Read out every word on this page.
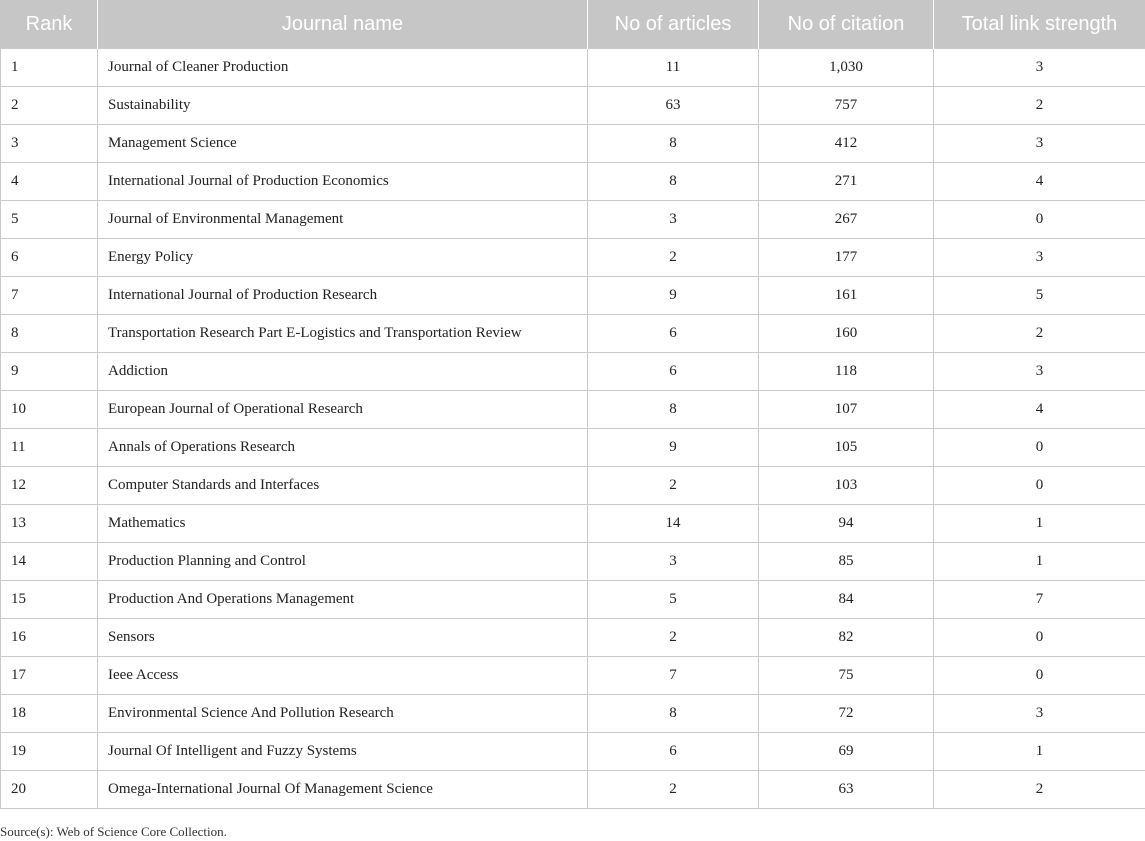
Rank	Journal name	No of articles	No of citation	Total link strength
1	Journal of Cleaner Production	11	1,030	3
2	Sustainability	63	757	2
3	Management Science	8	412	3
4	International Journal of Production Economics	8	271	4
5	Journal of Environmental Management	3	267	0
6	Energy Policy	2	177	3
7	International Journal of Production Research	9	161	5
8	Transportation Research Part E-Logistics and Transportation Review	6	160	2
9	Addiction	6	118	3
10	European Journal of Operational Research	8	107	4
11	Annals of Operations Research	9	105	0
12	Computer Standards and Interfaces	2	103	0
13	Mathematics	14	94	1
14	Production Planning and Control	3	85	1
15	Production And Operations Management	5	84	7
16	Sensors	2	82	0
17	Ieee Access	7	75	0
18	Environmental Science And Pollution Research	8	72	3
19	Journal Of Intelligent and Fuzzy Systems	6	69	1
20	Omega-International Journal Of Management Science	2	63	2
Source(s): Web of Science Core Collection.
